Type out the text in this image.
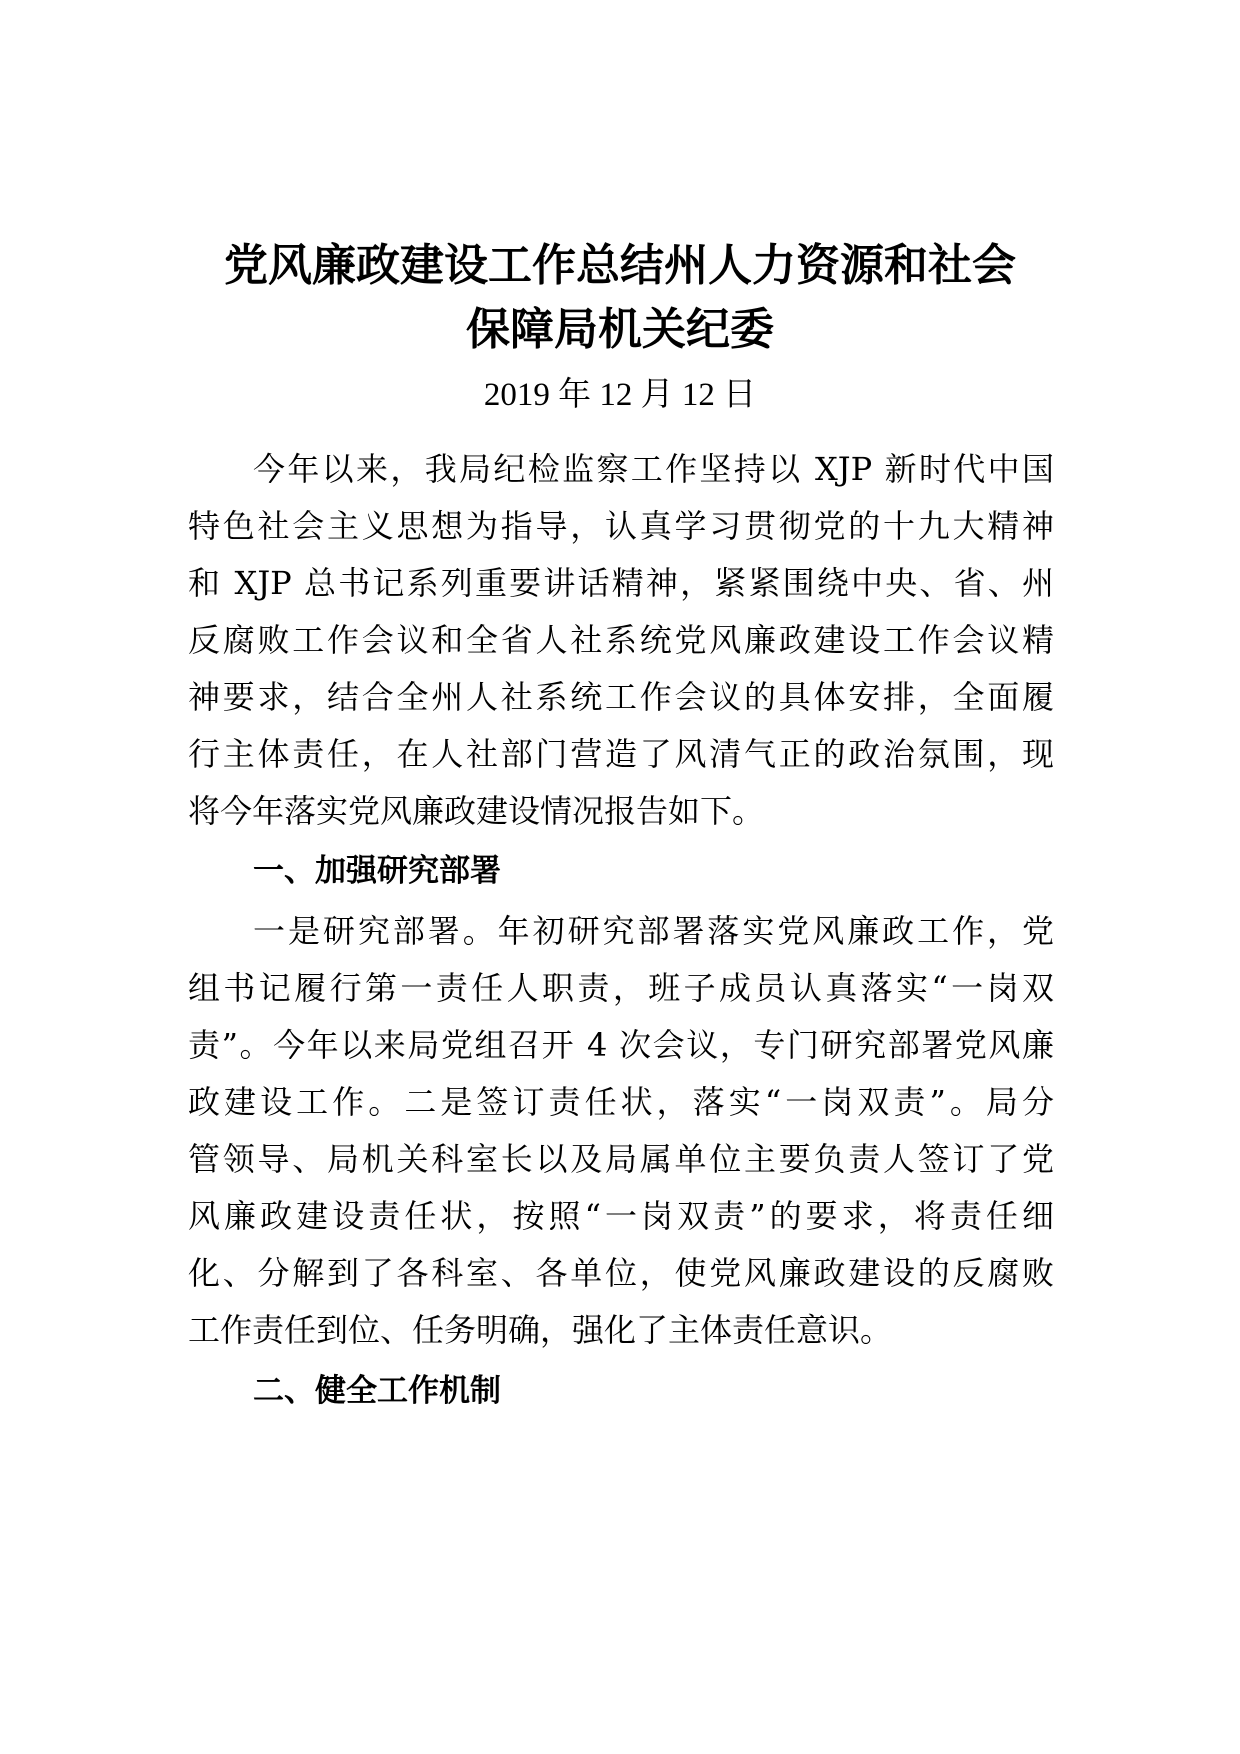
党风廉政建设工作总结州人力资源和社会
保障局机关纪委
2019 年 12 月 12 日
今年以来，我局纪检监察工作坚持以 XJP 新时代中国
特色社会主义思想为指导，认真学习贯彻党的十九大精神
和 XJP 总书记系列重要讲话精神，紧紧围绕中央、省、州
反腐败工作会议和全省人社系统党风廉政建设工作会议精
神要求，结合全州人社系统工作会议的具体安排，全面履
行主体责任，在人社部门营造了风清气正的政治氛围，现
将今年落实党风廉政建设情况报告如下。
一、加强研究部署
一是研究部署。年初研究部署落实党风廉政工作，党
组书记履行第一责任人职责，班子成员认真落实“一岗双
责”。今年以来局党组召开 4 次会议，专门研究部署党风廉
政建设工作。二是签订责任状，落实“一岗双责”。局分
管领导、局机关科室长以及局属单位主要负责人签订了党
风廉政建设责任状，按照“一岗双责”的要求，将责任细
化、分解到了各科室、各单位，使党风廉政建设的反腐败
工作责任到位、任务明确，强化了主体责任意识。
二、健全工作机制
